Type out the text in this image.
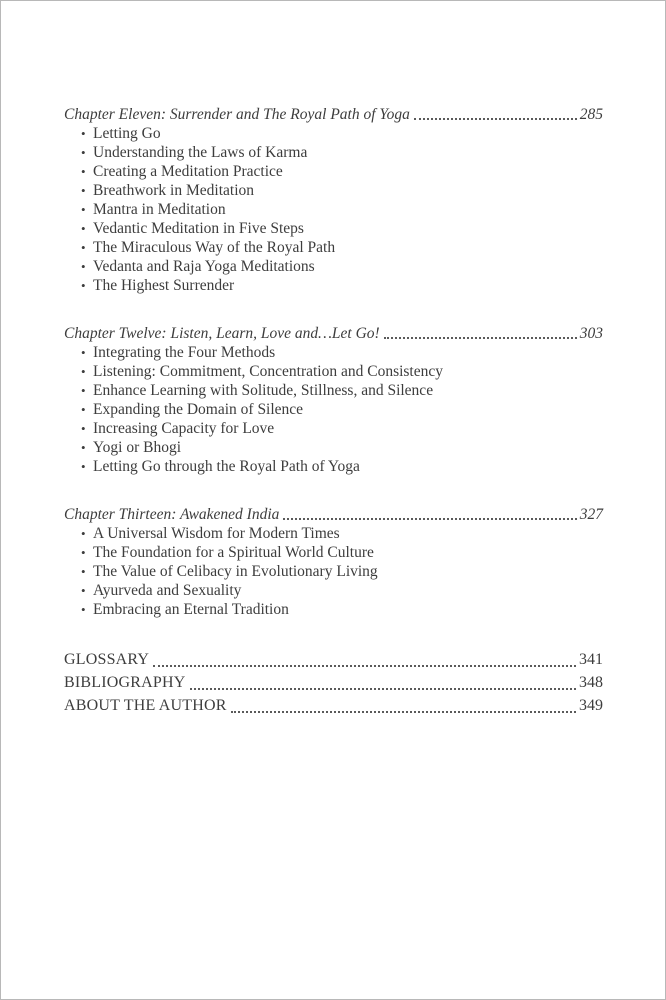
Chapter Eleven: Surrender and The Royal Path of Yoga	285
• Letting Go
• Understanding the Laws of Karma
• Creating a Meditation Practice
• Breathwork in Meditation
• Mantra in Meditation
• Vedantic Meditation in Five Steps
• The Miraculous Way of the Royal Path
• Vedanta and Raja Yoga Meditations
• The Highest Surrender
Chapter Twelve: Listen, Learn, Love and…Let Go!	303
• Integrating the Four Methods
• Listening: Commitment, Concentration and Consistency
• Enhance Learning with Solitude, Stillness, and Silence
• Expanding the Domain of Silence
• Increasing Capacity for Love
• Yogi or Bhogi
• Letting Go through the Royal Path of Yoga
Chapter Thirteen: Awakened India	327
• A Universal Wisdom for Modern Times
• The Foundation for a Spiritual World Culture
• The Value of Celibacy in Evolutionary Living
• Ayurveda and Sexuality
• Embracing an Eternal Tradition
GLOSSARY	341
BIBLIOGRAPHY	348
ABOUT THE AUTHOR	349
